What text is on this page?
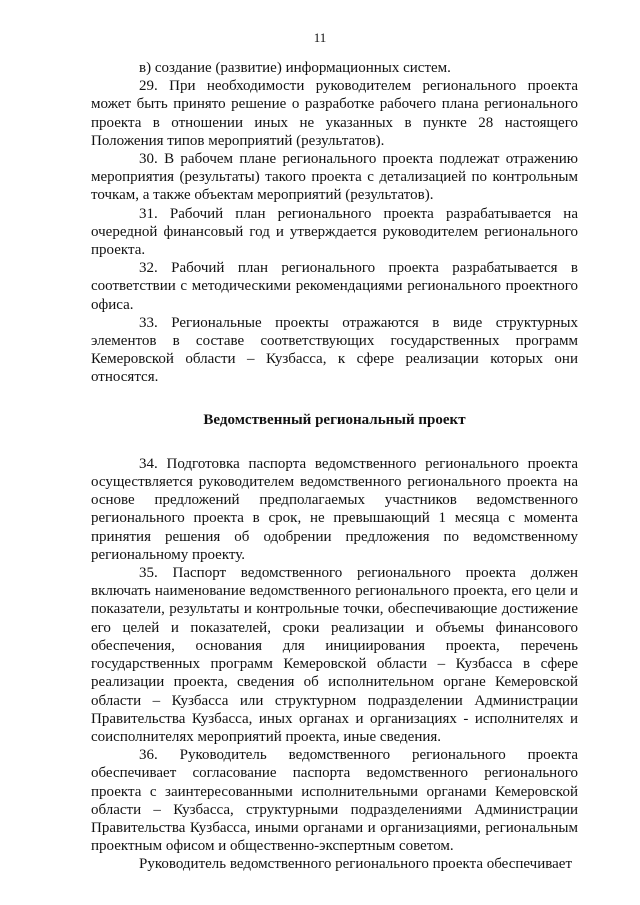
11

в) создание (развитие) информационных систем.

29. При необходимости руководителем регионального проекта может быть принято решение о разработке рабочего плана регионального проекта в отношении иных не указанных в пункте 28 настоящего Положения типов мероприятий (результатов).

30. В рабочем плане регионального проекта подлежат отражению мероприятия (результаты) такого проекта с детализацией по контрольным точкам, а также объектам мероприятий (результатов).

31. Рабочий план регионального проекта разрабатывается на очередной финансовый год и утверждается руководителем регионального проекта.

32. Рабочий план регионального проекта разрабатывается в соответствии с методическими рекомендациями регионального проектного офиса.

33. Региональные проекты отражаются в виде структурных элементов в составе соответствующих государственных программ Кемеровской области – Кузбасса, к сфере реализации которых они относятся.

Ведомственный региональный проект

34. Подготовка паспорта ведомственного регионального проекта осуществляется руководителем ведомственного регионального проекта на основе предложений предполагаемых участников ведомственного регионального проекта в срок, не превышающий 1 месяца с момента принятия решения об одобрении предложения по ведомственному региональному проекту.

35. Паспорт ведомственного регионального проекта должен включать наименование ведомственного регионального проекта, его цели и показатели, результаты и контрольные точки, обеспечивающие достижение его целей и показателей, сроки реализации и объемы финансового обеспечения, основания для инициирования проекта, перечень государственных программ Кемеровской области – Кузбасса в сфере реализации проекта, сведения об исполнительном органе Кемеровской области – Кузбасса или структурном подразделении Администрации Правительства Кузбасса, иных органах и организациях - исполнителях и соисполнителях мероприятий проекта, иные сведения.

36. Руководитель ведомственного регионального проекта обеспечивает согласование паспорта ведомственного регионального проекта с заинтересованными исполнительными органами Кемеровской области – Кузбасса, структурными подразделениями Администрации Правительства Кузбасса, иными органами и организациями, региональным проектным офисом и общественно-экспертным советом.

Руководитель ведомственного регионального проекта обеспечивает
